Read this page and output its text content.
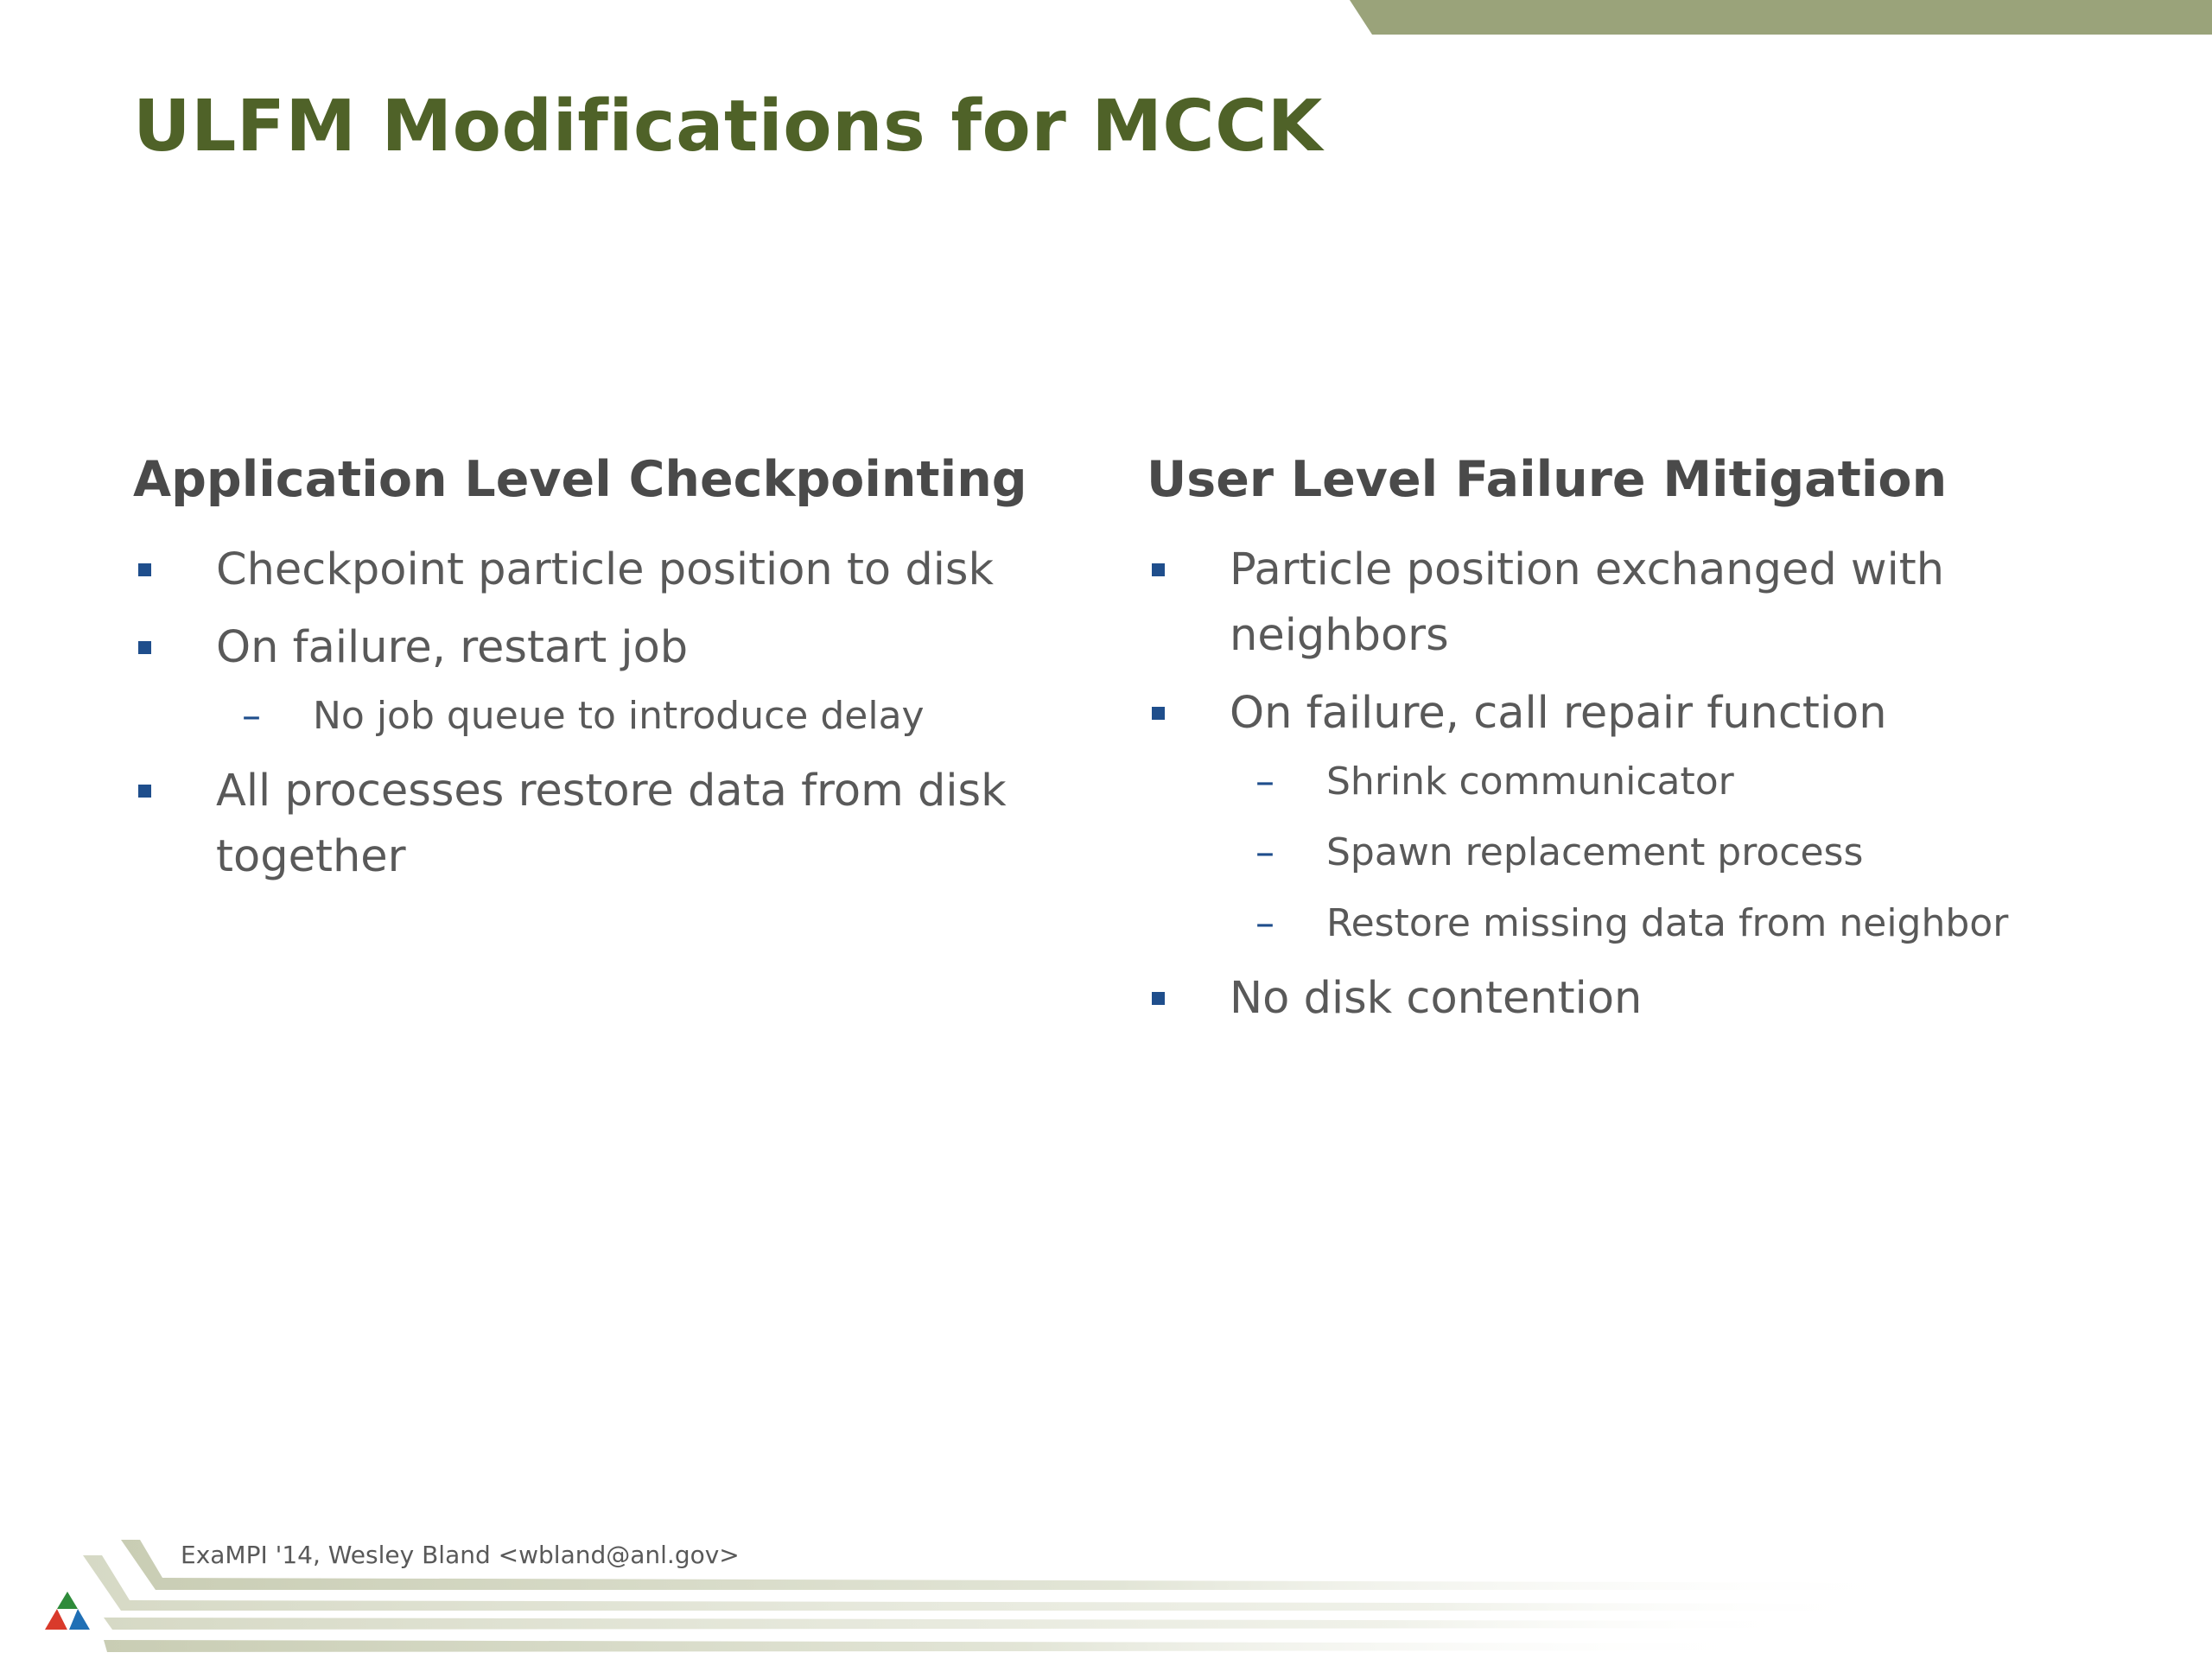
ULFM Modifications for MCCK
Application Level Checkpointing
Checkpoint particle position to disk
On failure, restart job
–	No job queue to introduce delay
All processes restore data from disk together
User Level Failure Mitigation
Particle position exchanged with neighbors
On failure, call repair function
–	Shrink communicator
–	Spawn replacement process
–	Restore missing data from neighbor
No disk contention
ExaMPI '14, Wesley Bland <wbland@anl.gov>
